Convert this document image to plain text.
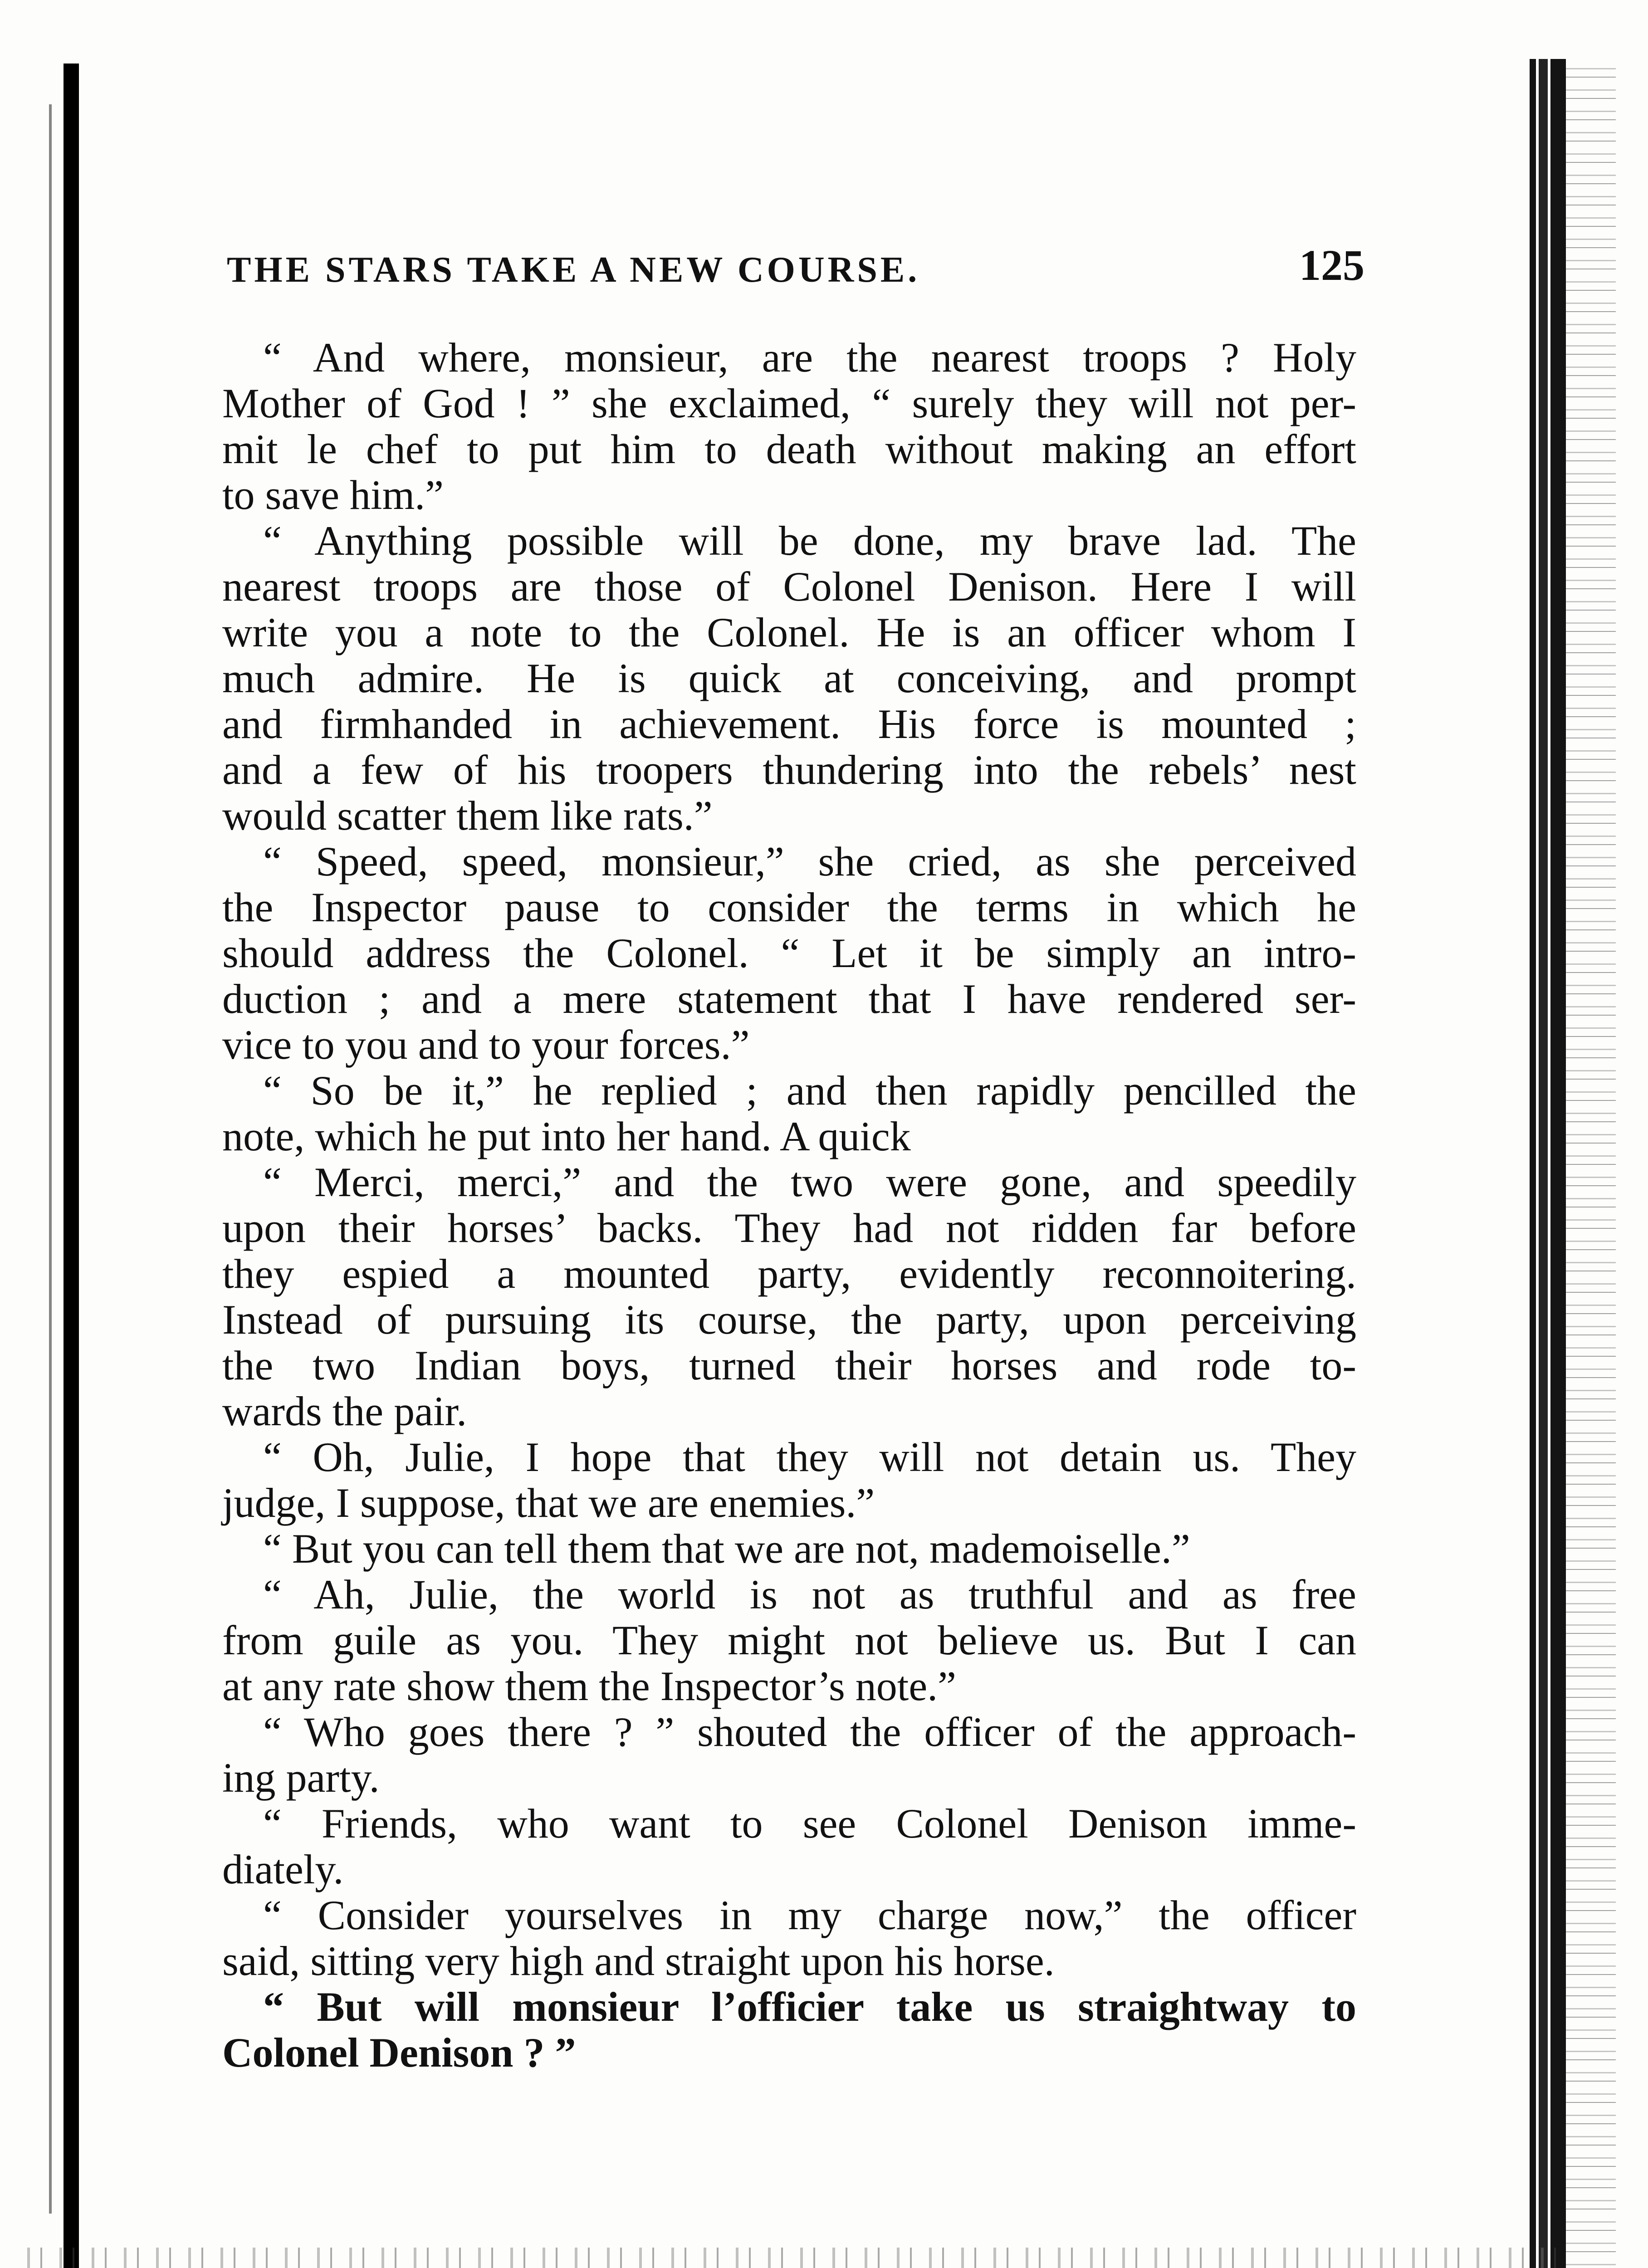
THE STARS TAKE A NEW COURSE.	125
“ And where, monsieur, are the nearest troops ? Holy
Mother of God ! ” she exclaimed, “ surely they will not per-
mit le chef to put him to death without making an effort
to save him.”
“ Anything possible will be done, my brave lad. The
nearest troops are those of Colonel Denison. Here I will
write you a note to the Colonel. He is an officer whom I
much admire. He is quick at conceiving, and prompt
and firmhanded in achievement. His force is mounted ;
and a few of his troopers thundering into the rebels’ nest
would scatter them like rats.”
“ Speed, speed, monsieur,” she cried, as she perceived
the Inspector pause to consider the terms in which he
should address the Colonel. “ Let it be simply an intro-
duction ; and a mere statement that I have rendered ser-
vice to you and to your forces.”
“ So be it,” he replied ; and then rapidly pencilled the
note, which he put into her hand. A quick
“ Merci, merci,” and the two were gone, and speedily
upon their horses’ backs. They had not ridden far before
they espied a mounted party, evidently reconnoitering.
Instead of pursuing its course, the party, upon perceiving
the two Indian boys, turned their horses and rode to-
wards the pair.
“ Oh, Julie, I hope that they will not detain us. They
judge, I suppose, that we are enemies.”
“ But you can tell them that we are not, mademoiselle.”
“ Ah, Julie, the world is not as truthful and as free
from guile as you. They might not believe us. But I can
at any rate show them the Inspector’s note.”
“ Who goes there ? ” shouted the officer of the approach-
ing party.
“ Friends, who want to see Colonel Denison imme-
diately.
“ Consider yourselves in my charge now,” the officer
said, sitting very high and straight upon his horse.
“ But will monsieur l’officier take us straightway to
Colonel Denison ? ”
